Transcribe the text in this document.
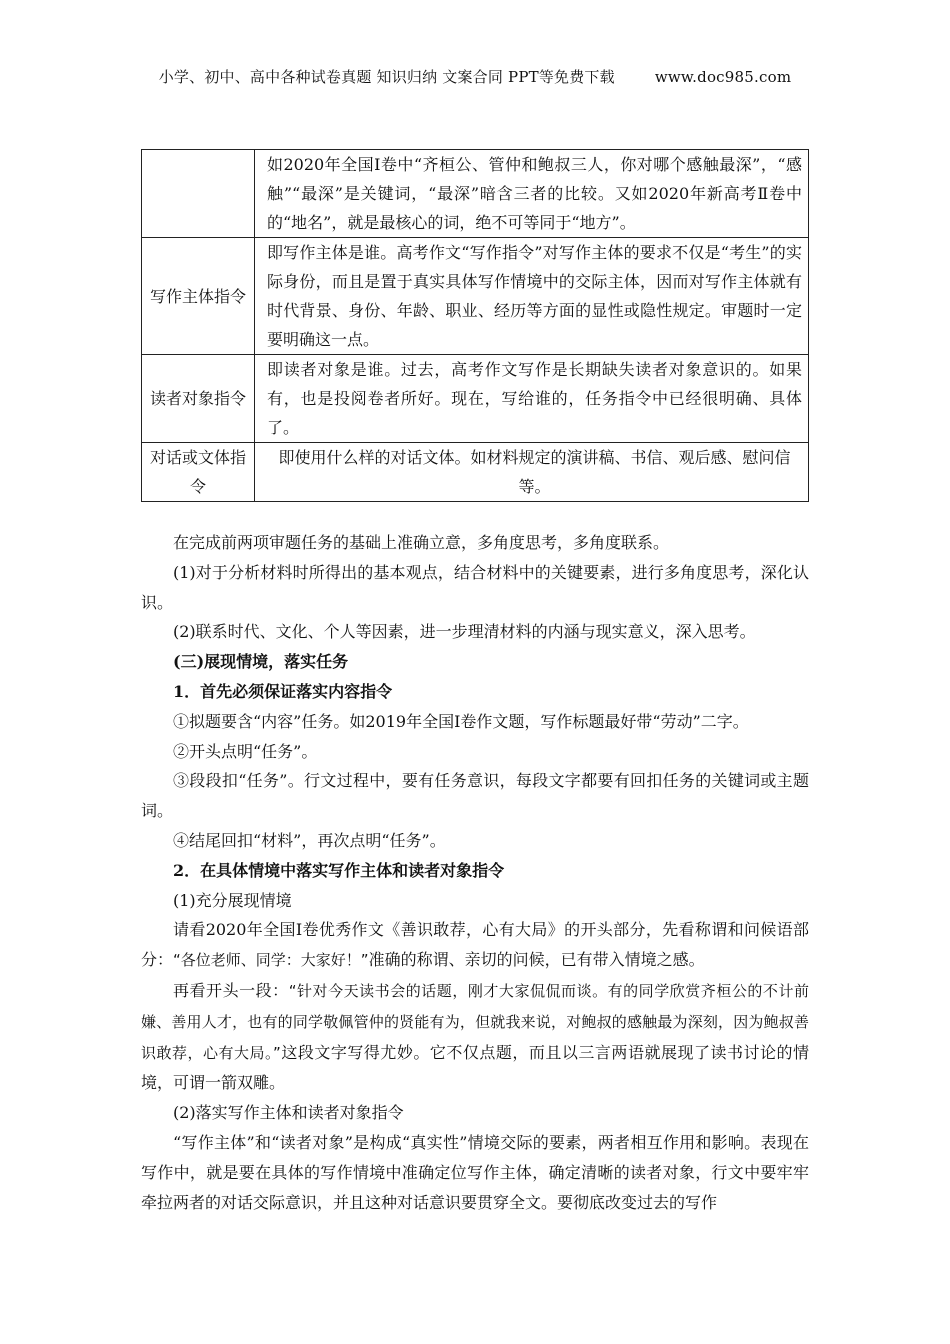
小学、初中、高中各种试卷真题 知识归纳 文案合同 PPT等免费下载	www.doc985.com
	如2020年全国Ⅰ卷中“齐桓公、管仲和鲍叔三人，你对哪个感触最深”，“感触”“最深”是关键词，“最深”暗含三者的比较。又如2020年新高考Ⅱ卷中的“地名”，就是最核心的词，绝不可等同于“地方”。
写作主体指令	即写作主体是谁。高考作文“写作指令”对写作主体的要求不仅是“考生”的实际身份，而且是置于真实具体写作情境中的交际主体，因而对写作主体就有时代背景、身份、年龄、职业、经历等方面的显性或隐性规定。审题时一定要明确这一点。
读者对象指令	即读者对象是谁。过去，高考作文写作是长期缺失读者对象意识的。如果有，也是投阅卷者所好。现在，写给谁的，任务指令中已经很明确、具体了。
对话或文体指令	即使用什么样的对话文体。如材料规定的演讲稿、书信、观后感、慰问信等。

在完成前两项审题任务的基础上准确立意，多角度思考，多角度联系。

(1)对于分析材料时所得出的基本观点，结合材料中的关键要素，进行多角度思考，深化认识。

(2)联系时代、文化、个人等因素，进一步理清材料的内涵与现实意义，深入思考。

(三)展现情境，落实任务

1．首先必须保证落实内容指令

①拟题要含“内容”任务。如2019年全国Ⅰ卷作文题，写作标题最好带“劳动”二字。

②开头点明“任务”。

③段段扣“任务”。行文过程中，要有任务意识，每段文字都要有回扣任务的关键词或主题词。

④结尾回扣“材料”，再次点明“任务”。

2．在具体情境中落实写作主体和读者对象指令

(1)充分展现情境

请看2020年全国Ⅰ卷优秀作文《善识敢荐，心有大局》的开头部分，先看称谓和问候语部分：“各位老师、同学：大家好！”准确的称谓、亲切的问候，已有带入情境之感。

再看开头一段：“针对今天读书会的话题，刚才大家侃侃而谈。有的同学欣赏齐桓公的不计前嫌、善用人才，也有的同学敬佩管仲的贤能有为，但就我来说，对鲍叔的感触最为深刻，因为鲍叔善识敢荐，心有大局。”这段文字写得尤妙。它不仅点题，而且以三言两语就展现了读书讨论的情境，可谓一箭双雕。

(2)落实写作主体和读者对象指令

“写作主体”和“读者对象”是构成“真实性”情境交际的要素，两者相互作用和影响。表现在写作中，就是要在具体的写作情境中准确定位写作主体，确定清晰的读者对象，行文中要牢牢牵拉两者的对话交际意识，并且这种对话意识要贯穿全文。要彻底改变过去的写作
